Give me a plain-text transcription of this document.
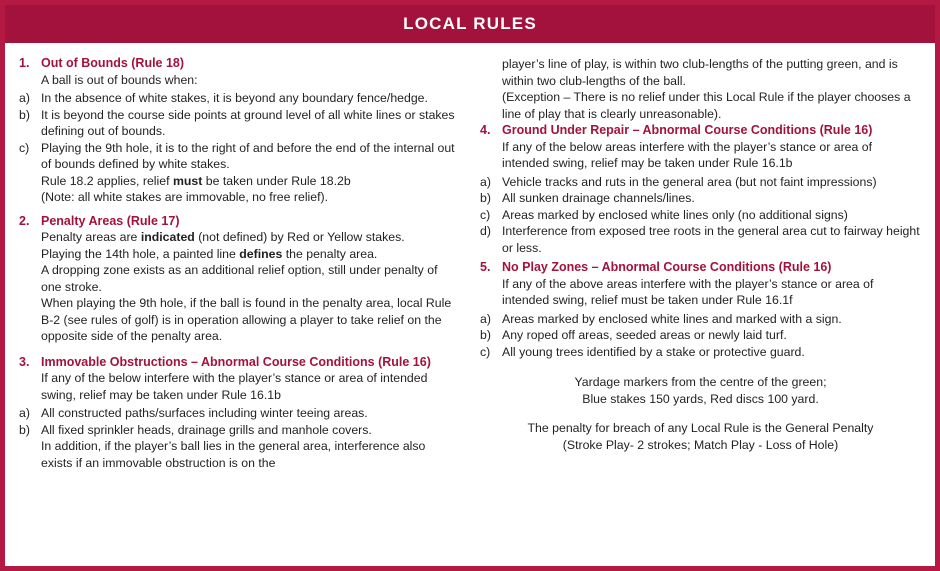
LOCAL RULES
1. Out of Bounds (Rule 18)
A ball is out of bounds when:
a) In the absence of white stakes, it is beyond any boundary fence/hedge.
b) It is beyond the course side points at ground level of all white lines or stakes defining out of bounds.
c) Playing the 9th hole, it is to the right of and before the end of the internal out of bounds defined by white stakes.
Rule 18.2 applies, relief must be taken under Rule 18.2b
(Note: all white stakes are immovable, no free relief).
2. Penalty Areas (Rule 17)
Penalty areas are indicated (not defined) by Red or Yellow stakes.
Playing the 14th hole, a painted line defines the penalty area.
A dropping zone exists as an additional relief option, still under penalty of one stroke.
When playing the 9th hole, if the ball is found in the penalty area, local Rule B-2 (see rules of golf) is in operation allowing a player to take relief on the opposite side of the penalty area.
3. Immovable Obstructions – Abnormal Course Conditions (Rule 16)
If any of the below interfere with the player’s stance or area of intended swing, relief may be taken under Rule 16.1b
a) All constructed paths/surfaces including winter teeing areas.
b) All fixed sprinkler heads, drainage grills and manhole covers.
In addition, if the player’s ball lies in the general area, interference also exists if an immovable obstruction is on the
player’s line of play, is within two club-lengths of the putting green, and is within two club-lengths of the ball.
(Exception – There is no relief under this Local Rule if the player chooses a line of play that is clearly unreasonable).
4. Ground Under Repair – Abnormal Course Conditions (Rule 16)
If any of the below areas interfere with the player’s stance or area of intended swing, relief may be taken under Rule 16.1b
a) Vehicle tracks and ruts in the general area (but not faint impressions)
b) All sunken drainage channels/lines.
c) Areas marked by enclosed white lines only (no additional signs)
d) Interference from exposed tree roots in the general area cut to fairway height or less.
5. No Play Zones – Abnormal Course Conditions (Rule 16)
If any of the above areas interfere with the player’s stance or area of intended swing, relief must be taken under Rule 16.1f
a) Areas marked by enclosed white lines and marked with a sign.
b) Any roped off areas, seeded areas or newly laid turf.
c) All young trees identified by a stake or protective guard.
Yardage markers from the centre of the green;
Blue stakes 150 yards, Red discs 100 yard.
The penalty for breach of any Local Rule is the General Penalty
(Stroke Play- 2 strokes; Match Play - Loss of Hole)
